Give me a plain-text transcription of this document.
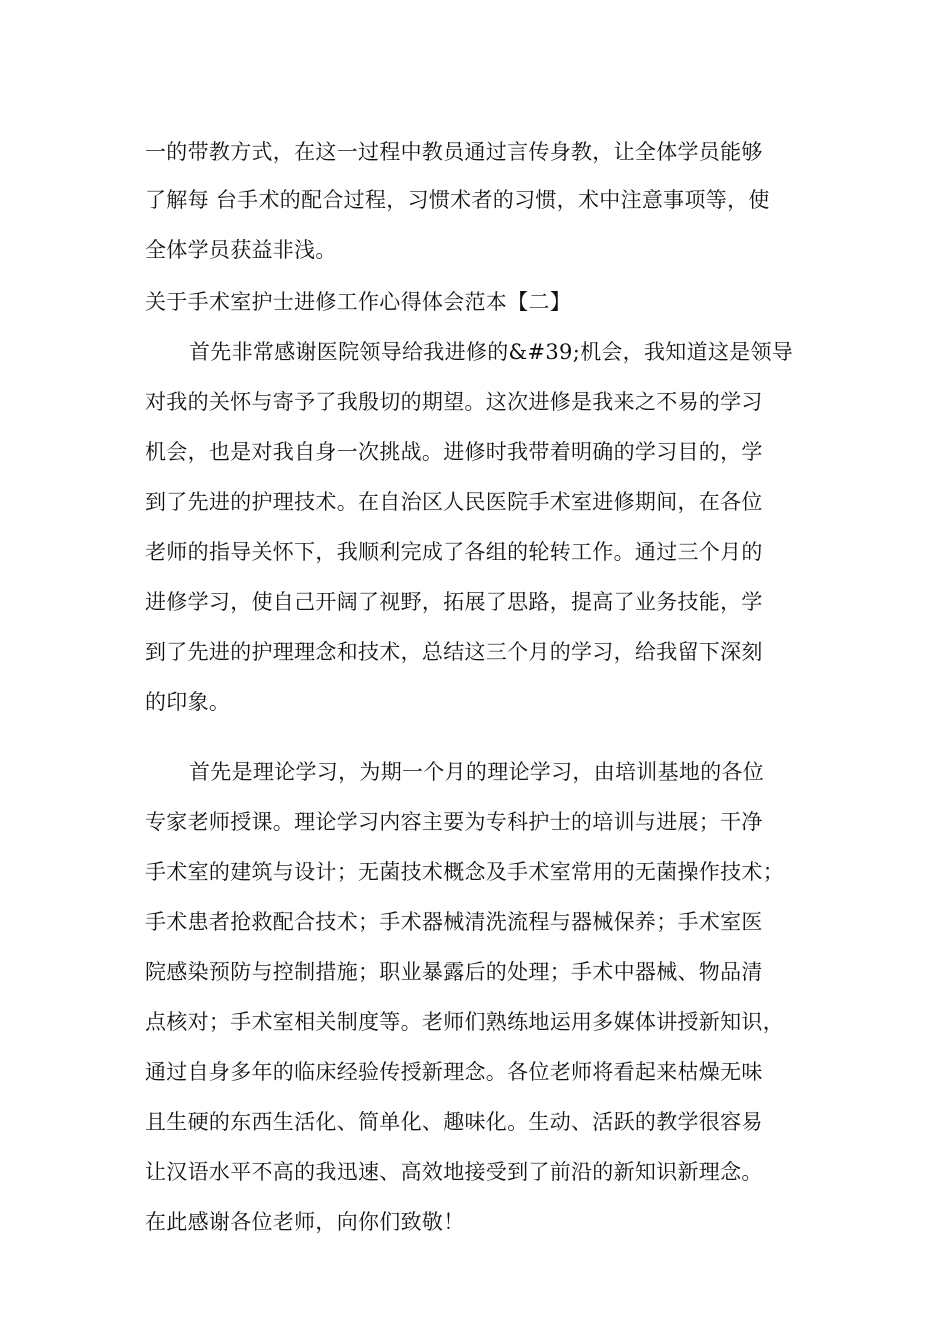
一的带教方式，在这一过程中教员通过言传身教，让全体学员能够
了解每 台手术的配合过程，习惯术者的习惯，术中注意事项等，使
全体学员获益非浅。
关于手术室护士进修工作心得体会范本【二】
首先非常感谢医院领导给我进修的&#39;机会，我知道这是领导
对我的关怀与寄予了我殷切的期望。这次进修是我来之不易的学习
机会，也是对我自身一次挑战。进修时我带着明确的学习目的，学
到了先进的护理技术。在自治区人民医院手术室进修期间，在各位
老师的指导关怀下，我顺利完成了各组的轮转工作。通过三个月的
进修学习，使自己开阔了视野，拓展了思路，提高了业务技能，学
到了先进的护理理念和技术，总结这三个月的学习，给我留下深刻
的印象。
首先是理论学习，为期一个月的理论学习，由培训基地的各位
专家老师授课。理论学习内容主要为专科护士的培训与进展；干净
手术室的建筑与设计；无菌技术概念及手术室常用的无菌操作技术；
手术患者抢救配合技术；手术器械清洗流程与器械保养；手术室医
院感染预防与控制措施；职业暴露后的处理；手术中器械、物品清
点核对；手术室相关制度等。老师们熟练地运用多媒体讲授新知识，
通过自身多年的临床经验传授新理念。各位老师将看起来枯燥无味
且生硬的东西生活化、简单化、趣味化。生动、活跃的教学很容易
让汉语水平不高的我迅速、高效地接受到了前沿的新知识新理念。
在此感谢各位老师，向你们致敬！
